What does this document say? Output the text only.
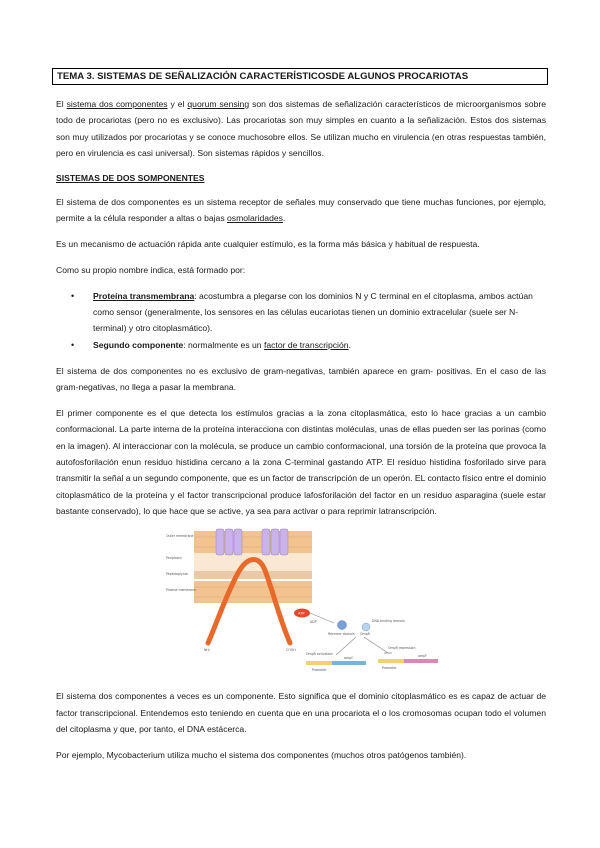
TEMA 3. SISTEMAS DE SEÑALIZACIÓN CARACTERÍSTICOSDE ALGUNOS PROCARIOTAS

El sistema dos componentes y el quorum sensing son dos sistemas de señalización característicos de microorganismos sobre todo de procariotas (pero no es exclusivo). Las procariotas son muy simples en cuanto a la señalización. Estos dos sistemas son muy utilizados por procariotas y se conoce muchosobre ellos. Se utilizan mucho en virulencia (en otras respuestas también, pero en virulencia es casi universal). Son sistemas rápidos y sencillos.

SISTEMAS DE DOS SOMPONENTES

El sistema de dos componentes es un sistema receptor de señales muy conservado que tiene muchas funciones, por ejemplo, permite a la célula responder a altas o bajas osmolaridades.

Es un mecanismo de actuación rápida ante cualquier estímulo, es la forma más básica y habitual de respuesta.

Como su propio nombre indica, está formado por:

• Proteína transmembrana: acostumbra a plegarse con los dominios N y C terminal en el citoplasma, ambos actúan como sensor (generalmente, los sensores en las células eucariotas tienen un dominio extracelular (suele ser N-terminal) y otro citoplasmático).
• Segundo componente: normalmente es un factor de transcripción.

El sistema de dos componentes no es exclusivo de gram-negativas, también aparece en gram- positivas. En el caso de las gram-negativas, no llega a pasar la membrana.

El primer componente es el que detecta los estímulos gracias a la zona citoplasmática, esto lo hace gracias a un cambio conformacional. La parte interna de la proteína interacciona con distintas moléculas, unas de ellas pueden ser las porinas (como en la imagen). Al interaccionar con la molécula, se produce un cambio conformacional, una torsión de la proteína que provoca la autofosforilación enun residuo histidina cercano a la zona C-terminal gastando ATP. El residuo histidina fosforilado sirve para transmitir la señal a un segundo componente, que es un factor de transcripción de un operón. EL contacto físico entre el dominio citoplasmático de la proteína y el factor transcripcional produce lafosforilación del factor en un residuo asparagina (suele estar bastante conservado), lo que hace que se active, ya sea para activar o para reprimir latranscripción.

Outer membrane
Periplasm
Peptidoglycan
Plasma membrane
NH₂	COOH
ATP
ADP
Receiver domain
DNA binding domain
OmpR
OmpR activation
OmpR repression
ompC	ompF
Promoter	Promoter

El sistema dos componentes a veces es un componente. Esto significa que el dominio citoplasmático es es capaz de actuar de factor transcripcional. Entendemos esto teniendo en cuenta que en una procariota el o los cromosomas ocupan todo el volumen del citoplasma y que, por tanto, el DNA estácerca.

Por ejemplo, Mycobacterium utiliza mucho el sistema dos componentes (muchos otros patógenos también).
